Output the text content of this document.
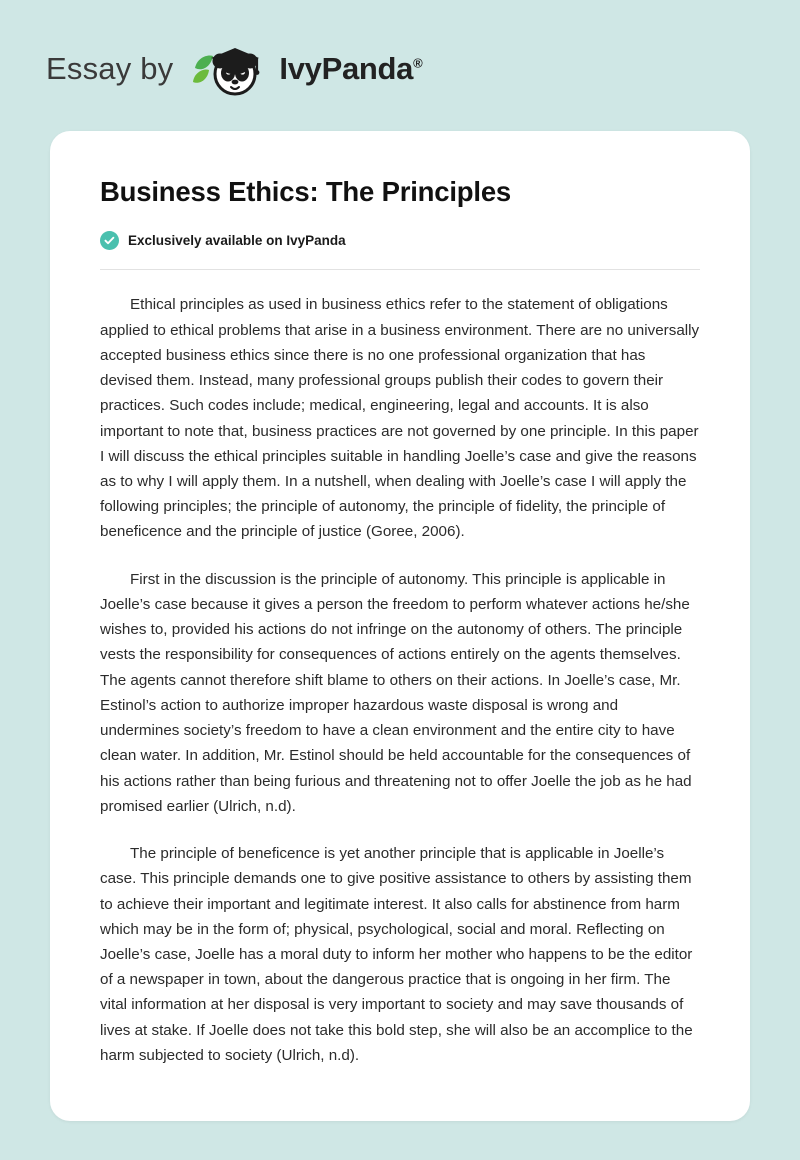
Essay by	IvyPanda®
Business Ethics: The Principles
Exclusively available on IvyPanda

Ethical principles as used in business ethics refer to the statement of obligations applied to ethical problems that arise in a business environment. There are no universally accepted business ethics since there is no one professional organization that has devised them. Instead, many professional groups publish their codes to govern their practices. Such codes include; medical, engineering, legal and accounts. It is also important to note that, business practices are not governed by one principle. In this paper I will discuss the ethical principles suitable in handling Joelle’s case and give the reasons as to why I will apply them. In a nutshell, when dealing with Joelle’s case I will apply the following principles; the principle of autonomy, the principle of fidelity, the principle of beneficence and the principle of justice (Goree, 2006).

First in the discussion is the principle of autonomy. This principle is applicable in Joelle’s case because it gives a person the freedom to perform whatever actions he/she wishes to, provided his actions do not infringe on the autonomy of others. The principle vests the responsibility for consequences of actions entirely on the agents themselves. The agents cannot therefore shift blame to others on their actions. In Joelle’s case, Mr. Estinol’s action to authorize improper hazardous waste disposal is wrong and undermines society’s freedom to have a clean environment and the entire city to have clean water. In addition, Mr. Estinol should be held accountable for the consequences of his actions rather than being furious and threatening not to offer Joelle the job as he had promised earlier (Ulrich, n.d).

The principle of beneficence is yet another principle that is applicable in Joelle’s case. This principle demands one to give positive assistance to others by assisting them to achieve their important and legitimate interest. It also calls for abstinence from harm which may be in the form of; physical, psychological, social and moral. Reflecting on Joelle’s case, Joelle has a moral duty to inform her mother who happens to be the editor of a newspaper in town, about the dangerous practice that is ongoing in her firm. The vital information at her disposal is very important to society and may save thousands of lives at stake. If Joelle does not take this bold step, she will also be an accomplice to the harm subjected to society (Ulrich, n.d).
